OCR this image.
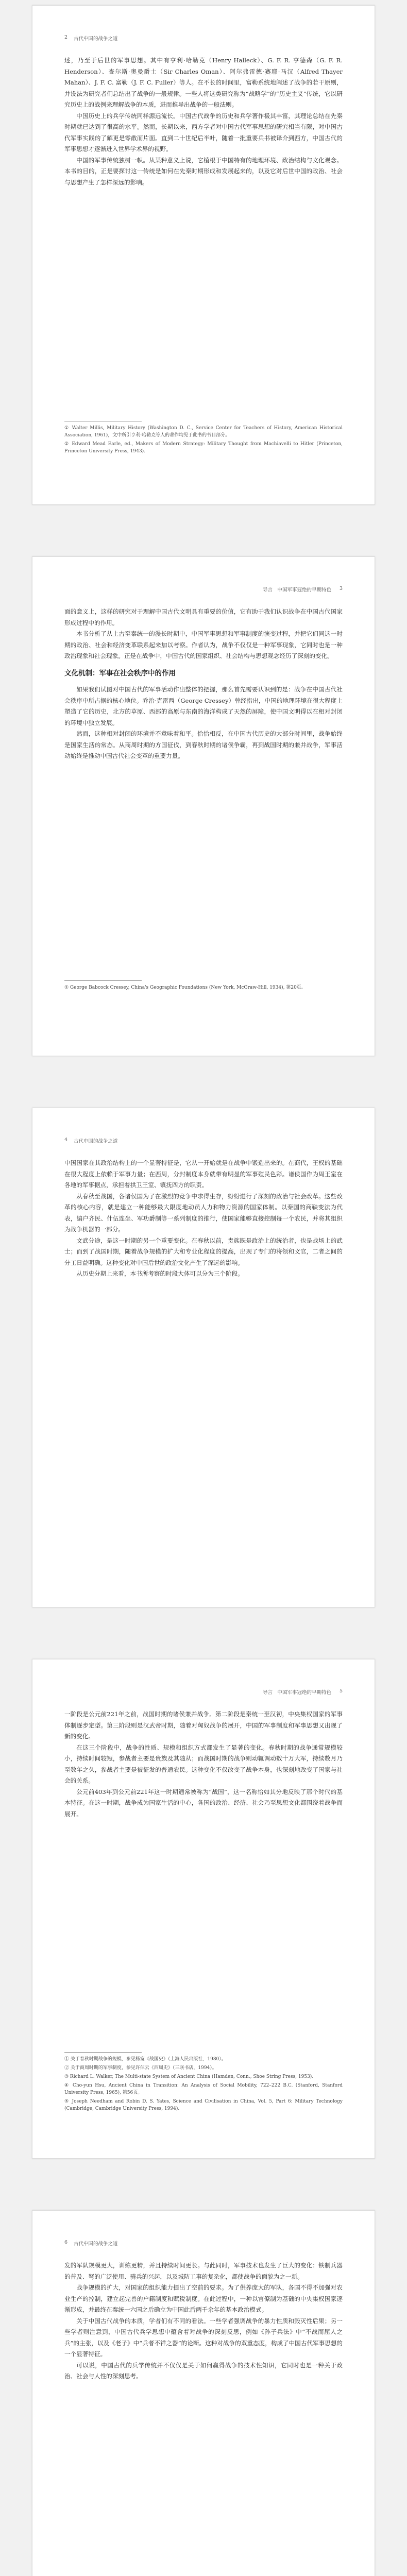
2 古代中国的战争之道

述，乃至于后世的军事思想。其中有亨利·哈勒克（Henry Halleck）、G. F. R. 亨德森（G. F. R. Henderson）、查尔斯·奥曼爵士（Sir Charles Oman）、阿尔弗雷德·赛耶·马汉（Alfred Thayer Mahan）、J. F. C. 富勒（J. F. C. Fuller）等人。在不长的时间里，富勒系统地阐述了战争的若干原则，并设法为研究者们总结出了战争的一般规律。一些人将这类研究称为“战略学”的“历史主义”传统，它以研究历史上的战例来理解战争的本质，进而推导出战争的一般法则。

中国历史上的兵学传统同样源远流长。中国古代战争的历史和兵学著作极其丰富，其理论总结在先秦时期就已达到了很高的水平。然而，长期以来，西方学者对中国古代军事思想的研究相当有限，对中国古代军事实践的了解更是零散而片面。直到二十世纪后半叶，随着一批重要兵书被译介到西方，中国古代的军事思想才逐渐进入世界学术界的视野。

中国的军事传统独树一帜。从某种意义上说，它植根于中国特有的地理环境、政治结构与文化观念。本书的目的，正是要探讨这一传统是如何在先秦时期形成和发展起来的，以及它对后世中国的政治、社会与思想产生了怎样深远的影响。

① Walter Millis, Military History (Washington D. C., Service Center for Teachers of History, American Historical Association, 1961)，文中所引亨利·哈勒克等人的著作均见于此书的书目部分。

② Edward Mead Earle, ed., Makers of Modern Strategy: Military Thought from Machiavelli to Hitler (Princeton, Princeton University Press, 1943).

导言　中国军事冠绝的早期特色 3

面的意义上，这样的研究对于理解中国古代文明具有重要的价值，它有助于我们认识战争在中国古代国家形成过程中的作用。

本书分析了从上古至秦统一的漫长时期中，中国军事思想和军事制度的演变过程，并把它们同这一时期的政治、社会和经济变革联系起来加以考察。作者认为，战争不仅仅是一种军事现象，它同时也是一种政治现象和社会现象。正是在战争中，中国古代的国家组织、社会结构与思想观念经历了深刻的变化。

文化机制：军事在社会秩序中的作用

如果我们试图对中国古代的军事活动作出整体的把握，那么首先需要认识到的是：战争在中国古代社会秩序中所占据的核心地位。乔治·克雷西（George Cressey）曾经指出，中国的地理环境在很大程度上塑造了它的历史，北方的草原、西部的高原与东南的海洋构成了天然的屏障，使中国文明得以在相对封闭的环境中独立发展。

然而，这种相对封闭的环境并不意味着和平。恰恰相反，在中国古代历史的大部分时间里，战争始终是国家生活的常态。从商周时期的方国征伐，到春秋时期的诸侯争霸，再到战国时期的兼并战争，军事活动始终是推动中国古代社会变革的重要力量。

① George Babcock Cressey, China's Geographic Foundations (New York, McGraw-Hill, 1934), 第20页。

4 古代中国的战争之道

中国国家在其政治结构上的一个显著特征是，它从一开始就是在战争中锻造出来的。在商代，王权的基础在很大程度上依赖于军事力量；在西周，分封制度本身就带有明显的军事殖民色彩。诸侯国作为周王室在各地的军事据点，承担着拱卫王室、镇抚四方的职责。

从春秋至战国，各诸侯国为了在激烈的竞争中求得生存，纷纷进行了深刻的政治与社会改革。这些改革的核心内容，就是建立一种能够最大限度地动员人力和物力资源的国家体制。以秦国的商鞅变法为代表，编户齐民、什伍连坐、军功爵制等一系列制度的推行，使国家能够直接控制每一个农民，并将其组织为战争机器的一部分。

文武分途，是这一时期的另一个重要变化。在春秋以前，贵族既是政治上的统治者，也是战场上的武士；而到了战国时期，随着战争规模的扩大和专业化程度的提高，出现了专门的将领和文官，二者之间的分工日益明确。这种变化对中国后世的政治文化产生了深远的影响。

从历史分期上来看，本书所考察的时段大体可以分为三个阶段。

导言　中国军事冠绝的早期特色 5

一阶段是公元前221年之前，战国时期的诸侯兼并战争。第二阶段是秦统一至汉初，中央集权国家的军事体制逐步定型。第三阶段则是汉武帝时期，随着对匈奴战争的展开，中国的军事制度和军事思想又出现了新的变化。

在这三个阶段中，战争的性质、规模和组织方式都发生了显著的变化。春秋时期的战争通常规模较小，持续时间较短，参战者主要是贵族及其随从；而战国时期的战争则动辄调动数十万大军，持续数月乃至数年之久，参战者主要是被征发的普通农民。这种变化不仅改变了战争本身，也深刻地改变了国家与社会的关系。

公元前403年到公元前221年这一时期通常被称为“战国”，这一名称恰如其分地反映了那个时代的基本特征。在这一时期，战争成为国家生活的中心，各国的政治、经济、社会乃至思想文化都围绕着战争而展开。

① 关于春秋时期战争的规模，参见杨宽《战国史》（上海人民出版社，1980）。

② 关于商周时期的军事制度，参见许倬云《西周史》（三联书店，1994）。

③ Richard L. Walker, The Multi-state System of Ancient China (Hamden, Conn., Shoe String Press, 1953).

④ Cho-yun Hsu, Ancient China in Transition: An Analysis of Social Mobility, 722–222 B.C. (Stanford, Stanford University Press, 1965), 第56页。

⑤ Joseph Needham and Robin D. S. Yates, Science and Civilisation in China, Vol. 5, Part 6: Military Technology (Cambridge, Cambridge University Press, 1994).

6 古代中国的战争之道

发的军队规模更大，训练更精，并且持续时间更长。与此同时，军事技术也发生了巨大的变化：铁制兵器的普及、弩的广泛使用、骑兵的兴起，以及城防工事的复杂化，都使战争的面貌为之一新。

战争规模的扩大，对国家的组织能力提出了空前的要求。为了供养庞大的军队，各国不得不加强对农业生产的控制，建立起完善的户籍制度和赋税制度。在此过程中，一种以官僚制为基础的中央集权国家逐渐形成，并最终在秦统一六国之后确立为中国此后两千余年的基本政治模式。

关于中国古代战争的本质，学者们有不同的看法。一些学者强调战争的暴力性质和毁灭性后果；另一些学者则注意到，中国古代兵学思想中蕴含着对战争的深刻反思，例如《孙子兵法》中“不战而屈人之兵”的主张，以及《老子》中“兵者不祥之器”的论断。这种对战争的双重态度，构成了中国古代军事思想的一个显著特征。

可以说，中国古代的兵学传统并不仅仅是关于如何赢得战争的技术性知识，它同时也是一种关于政治、社会与人性的深刻思考。
